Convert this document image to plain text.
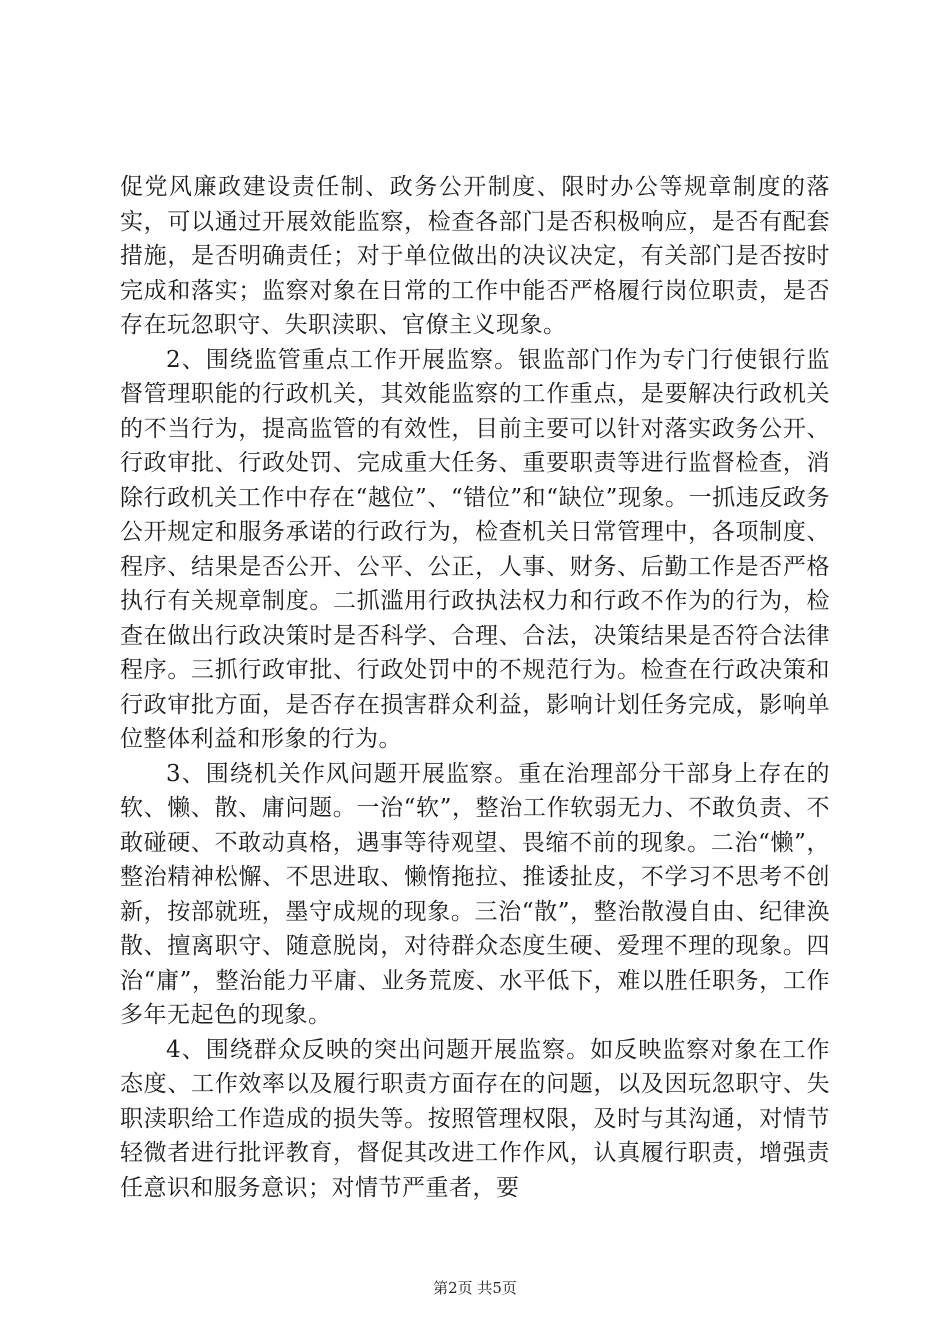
促党风廉政建设责任制、政务公开制度、限时办公等规章制度的落实，可以通过开展效能监察，检查各部门是否积极响应，是否有配套措施，是否明确责任；对于单位做出的决议决定，有关部门是否按时完成和落实；监察对象在日常的工作中能否严格履行岗位职责，是否存在玩忽职守、失职渎职、官僚主义现象。

2、围绕监管重点工作开展监察。银监部门作为专门行使银行监督管理职能的行政机关，其效能监察的工作重点，是要解决行政机关的不当行为，提高监管的有效性，目前主要可以针对落实政务公开、行政审批、行政处罚、完成重大任务、重要职责等进行监督检查，消除行政机关工作中存在“越位”、“错位”和“缺位”现象。一抓违反政务公开规定和服务承诺的行政行为，检查机关日常管理中，各项制度、程序、结果是否公开、公平、公正，人事、财务、后勤工作是否严格执行有关规章制度。二抓滥用行政执法权力和行政不作为的行为，检查在做出行政决策时是否科学、合理、合法，决策结果是否符合法律程序。三抓行政审批、行政处罚中的不规范行为。检查在行政决策和行政审批方面，是否存在损害群众利益，影响计划任务完成，影响单位整体利益和形象的行为。

3、围绕机关作风问题开展监察。重在治理部分干部身上存在的软、懒、散、庸问题。一治“软”，整治工作软弱无力、不敢负责、不敢碰硬、不敢动真格，遇事等待观望、畏缩不前的现象。二治“懒”，整治精神松懈、不思进取、懒惰拖拉、推诿扯皮，不学习不思考不创新，按部就班，墨守成规的现象。三治“散”，整治散漫自由、纪律涣散、擅离职守、随意脱岗，对待群众态度生硬、爱理不理的现象。四治“庸”，整治能力平庸、业务荒废、水平低下，难以胜任职务，工作多年无起色的现象。

4、围绕群众反映的突出问题开展监察。如反映监察对象在工作态度、工作效率以及履行职责方面存在的问题，以及因玩忽职守、失职渎职给工作造成的损失等。按照管理权限，及时与其沟通，对情节轻微者进行批评教育，督促其改进工作作风，认真履行职责，增强责任意识和服务意识；对情节严重者，要

第2页 共5页
